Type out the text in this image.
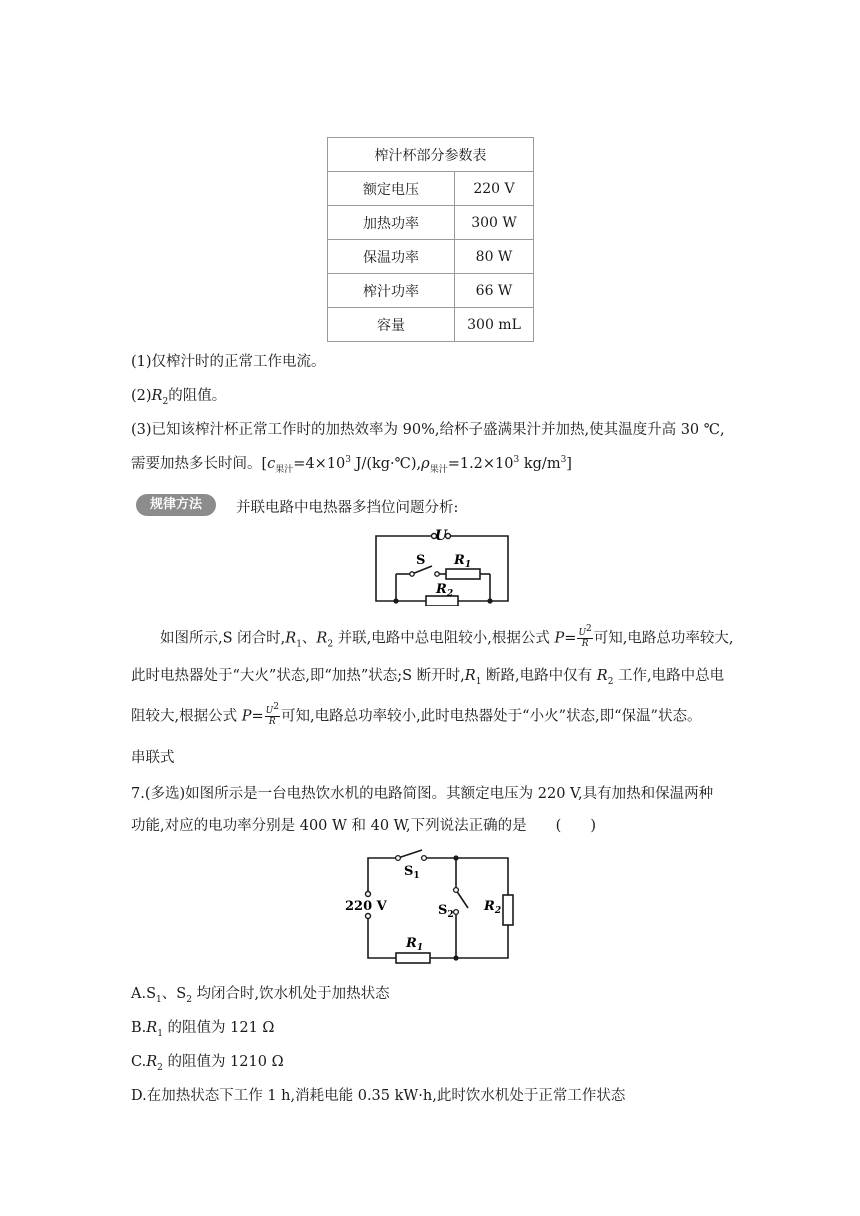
榨汁杯部分参数表	
额定电压	220 V
加热功率	300 W
保温功率	80 W
榨汁功率	66 W
容量	300 mL
(1)仅榨汁时的正常工作电流。
$(2)R_2$的阻值。
(3)已知该榨汁杯正常工作时的加热效率为 90%,给杯子盛满果汁并加热,使其温度升高 30 ℃,
需要加热多长时间。[$c_{果汁}=4\times 10^3$ $J/(kg\cdot℃),\rho_{果汁}=1.2\times 10^3$ $kg/m^3$]
规律方法	并联电路中电热器多挡位问题分析:
U
S $R_1$
$R_2$
如图所示,S 闭合时$,R_1$、$R_2$ 并联,电路中总电阻较小,根据公式 $P= \frac{U^2}{R}$ 可知,电路总功率较大,
此时电热器处于“大火”状态,即“加热”状态;S 断开时$,R_1$ 断路,电路中仅有 $R_2$ 工作,电路中总电
阻较大,根据公式 $P= \frac{U^2}{R}$ 可知,电路总功率较小,此时电热器处于“小火”状态,即“保温”状态。
串联式
7.(多选)如图所示是一台电热饮水机的电路简图。其额定电压为 220 V,具有加热和保温两种
功能,对应的电功率分别是 400 W 和 40 W,下列说法正确的是　　(　　)
$S_1$
$S_2$
$R_2$
$R_1$
220 V
$A.S_1$、$S_2$ 均闭合时,饮水机处于加热状态
$B.R_1$ 的阻值为 121 Ω
$C.R_2$ 的阻值为 1210 Ω
D.在加热状态下工作 1 h,消耗电能 0.35 kW·h,此时饮水机处于正常工作状态
